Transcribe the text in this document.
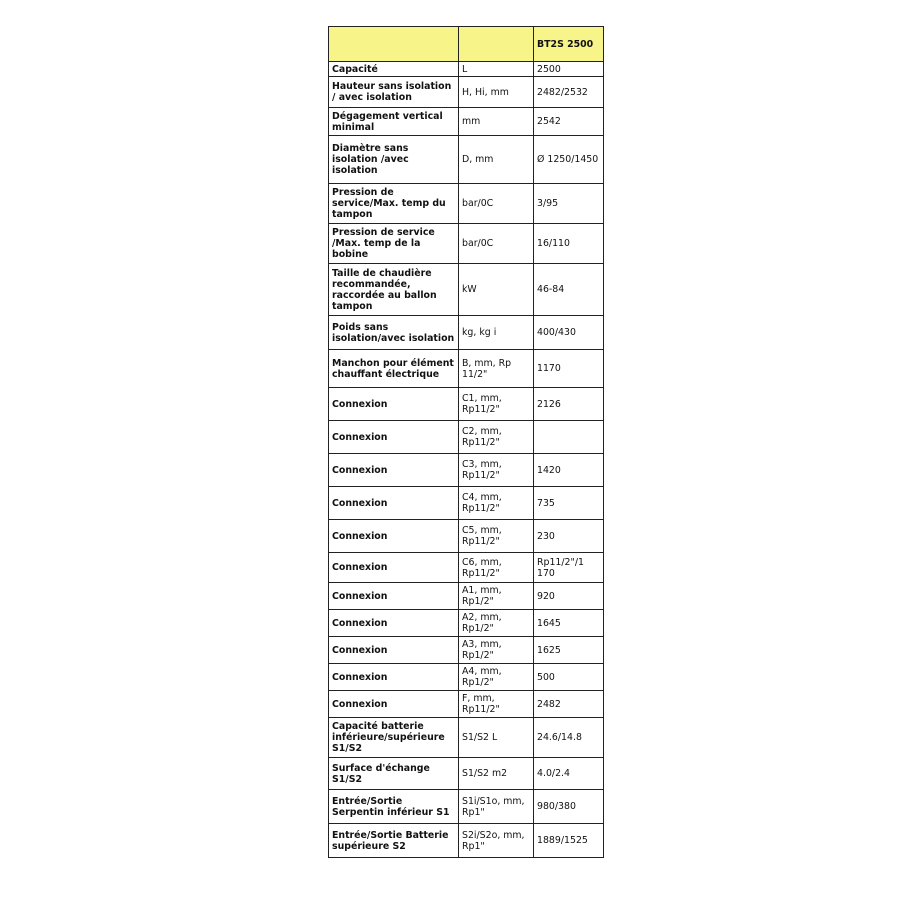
		BT2S 2500
Capacité	L	2500
Hauteur sans isolation / avec isolation	H, Hi, mm	2482/2532
Dégagement vertical minimal	mm	2542
Diamètre sans isolation /avec isolation	D, mm	Ø 1250/1450
Pression de service/Max. temp du tampon	bar/0C	3/95
Pression de service /Max. temp de la bobine	bar/0C	16/110
Taille de chaudière recommandée, raccordée au ballon tampon	kW	46-84
Poids sans isolation/avec isolation	kg, kg i	400/430
Manchon pour élément chauffant électrique	B, mm, Rp 11/2"	1170
Connexion	C1, mm, Rp11/2"	2126
Connexion	C2, mm, Rp11/2"	
Connexion	C3, mm, Rp11/2"	1420
Connexion	C4, mm, Rp11/2"	735
Connexion	C5, mm, Rp11/2"	230
Connexion	C6, mm, Rp11/2"	Rp11/2"/1 170
Connexion	A1, mm, Rp1/2"	920
Connexion	A2, mm, Rp1/2"	1645
Connexion	A3, mm, Rp1/2"	1625
Connexion	A4, mm, Rp1/2"	500
Connexion	F, mm, Rp11/2"	2482
Capacité batterie inférieure/supérieure S1/S2	S1/S2 L	24.6/14.8
Surface d'échange S1/S2	S1/S2 m2	4.0/2.4
Entrée/Sortie Serpentin inférieur S1	S1i/S1o, mm, Rp1"	980/380
Entrée/Sortie Batterie supérieure S2	S2i/S2o, mm, Rp1"	1889/1525
